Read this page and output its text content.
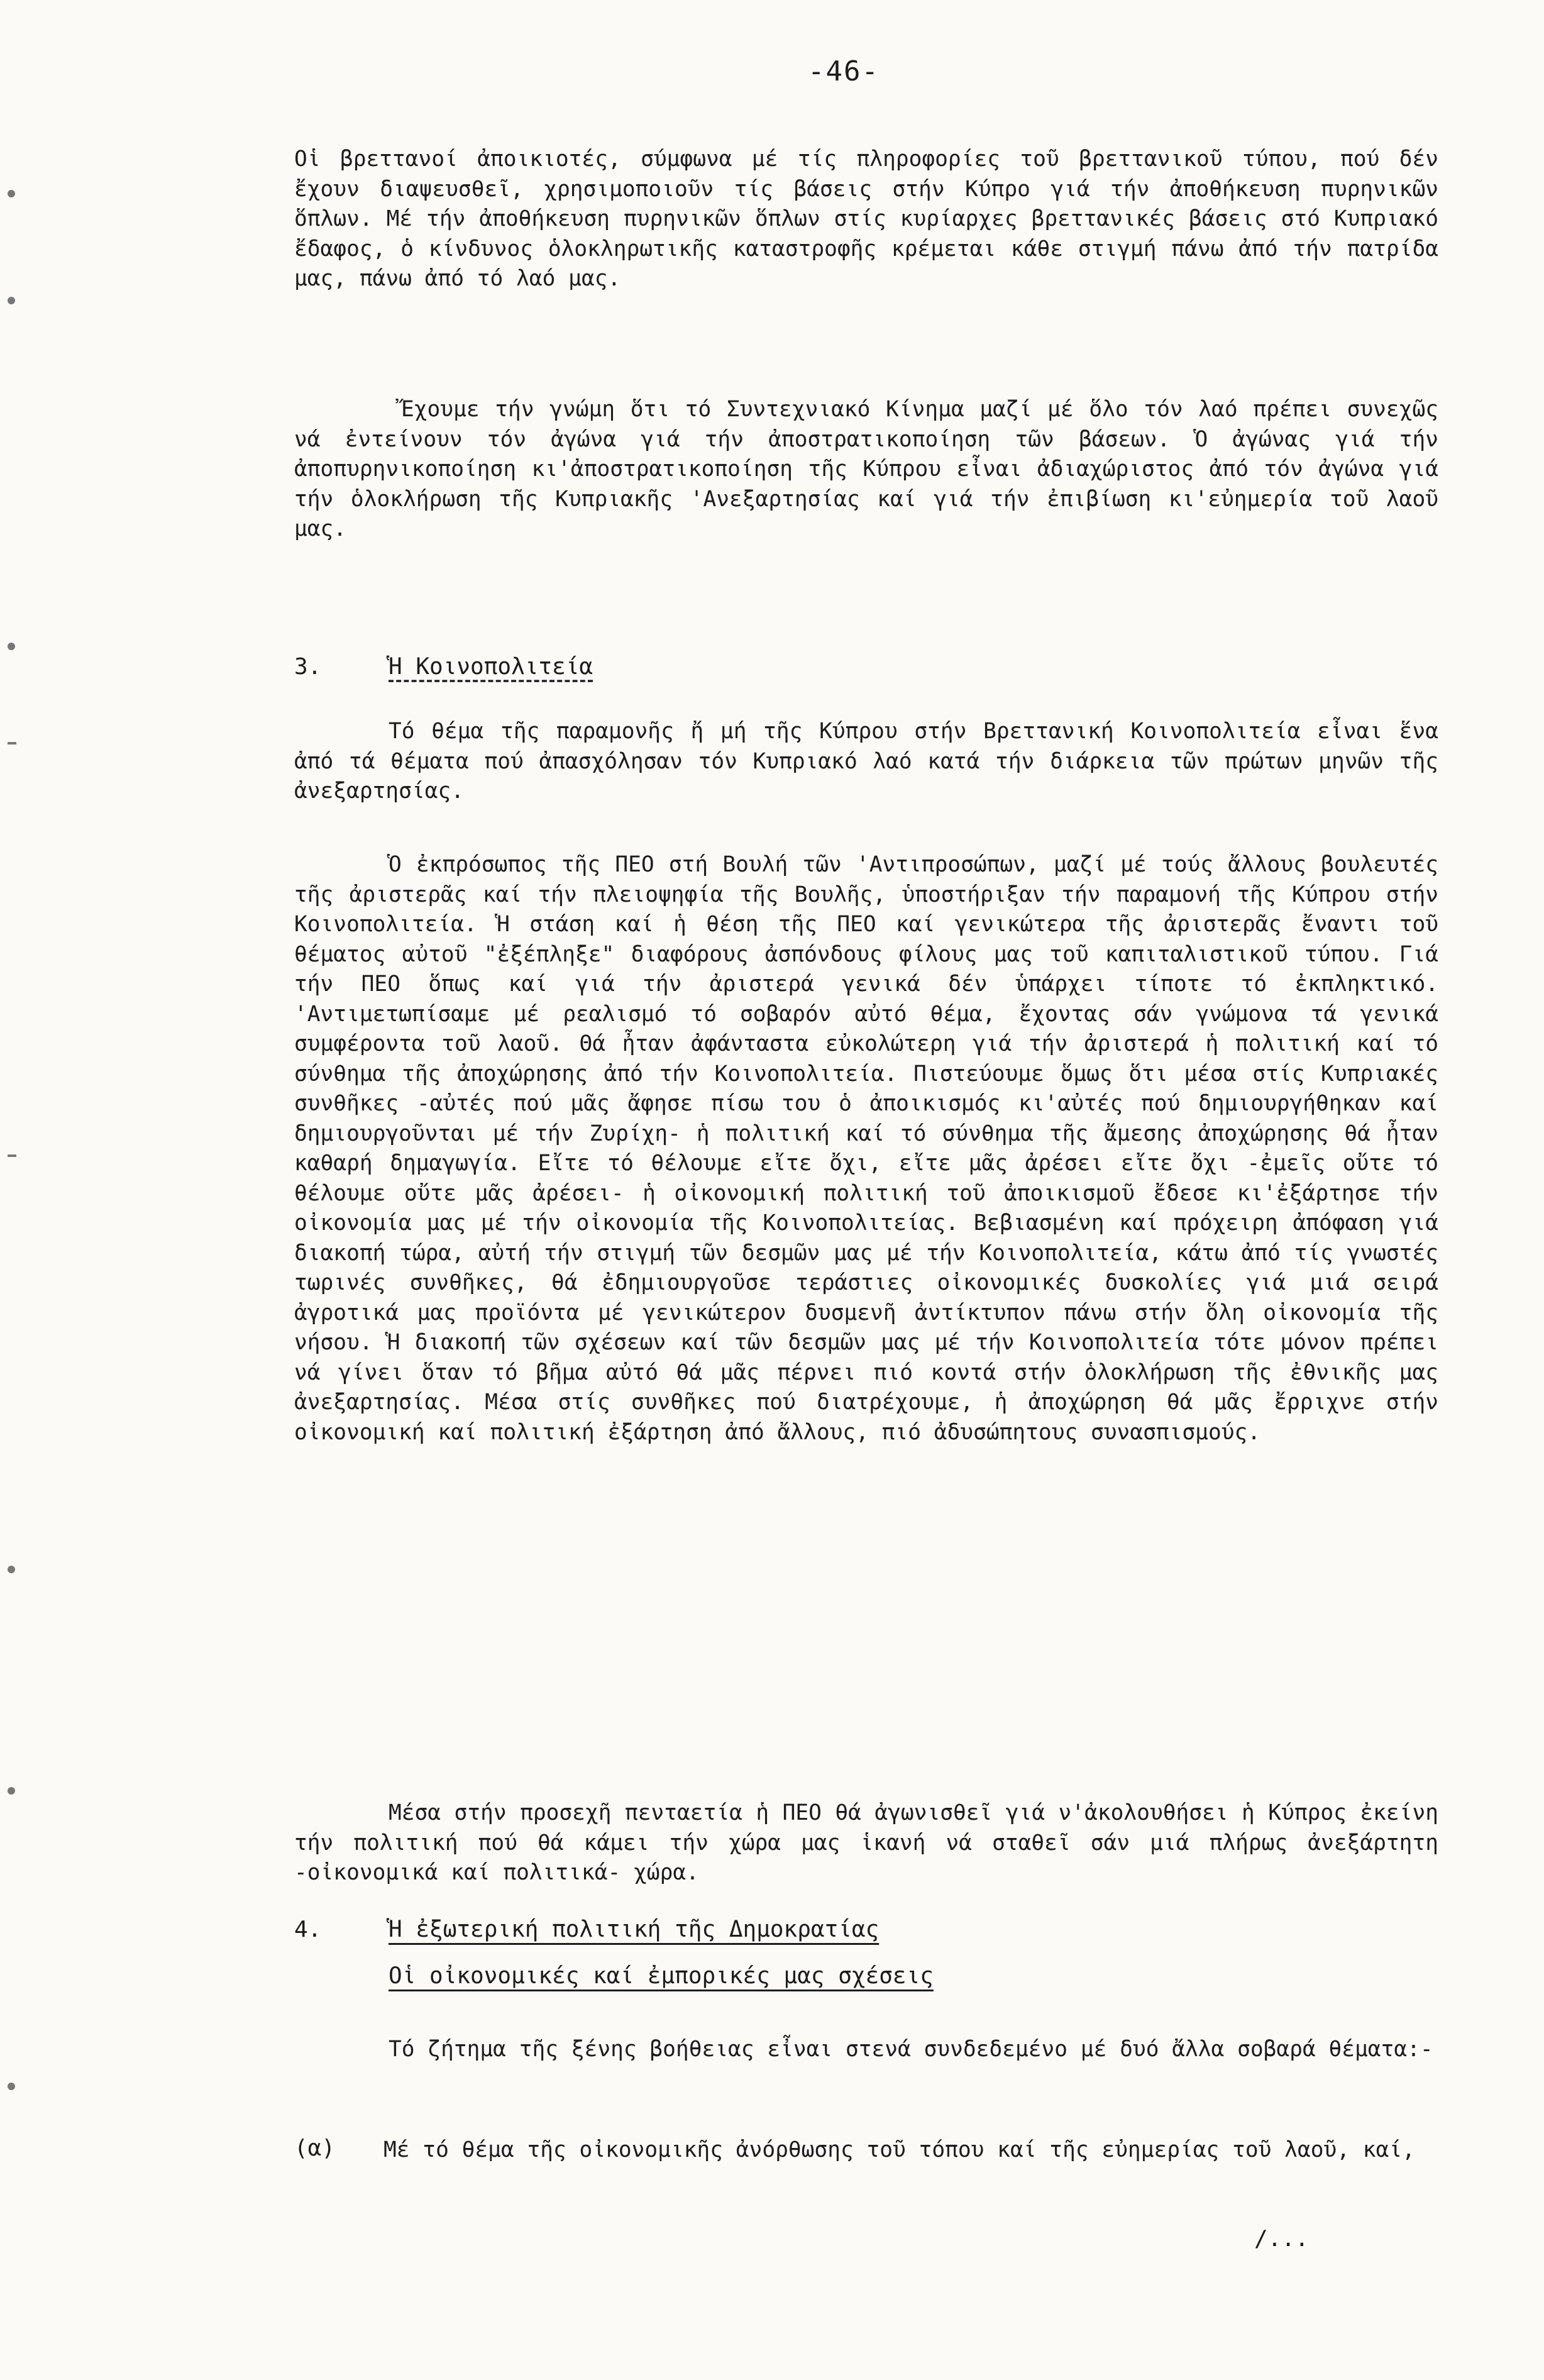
-46-

Οἱ βρεττανοί ἀποικιοτές, σύμφωνα μέ τίς πληροφορίες τοῦ βρεττανικοῦ τύπου, πού δέν ἔχουν διαψευσθεῖ, χρησιμοποιοῦν τίς βάσεις στήν Κύπρο γιά τήν ἀποθήκευση πυρηνικῶν ὅπλων. Μέ τήν ἀποθήκευση πυρηνικῶν ὅπλων στίς κυρίαρχες βρεττανικές βάσεις στό Κυπριακό ἔδαφος, ὁ κίνδυνος ὁλοκληρωτικῆς καταστροφῆς κρέμεται κάθε στιγμή πάνω ἀπό τήν πατρίδα μας, πάνω ἀπό τό λαό μας.

Ἔχουμε τήν γνώμη ὅτι τό Συντεχνιακό Κίνημα μαζί μέ ὅλο τόν λαό πρέπει συνεχῶς νά ἐντείνουν τόν ἀγώνα γιά τήν ἀποστρατικοποίηση τῶν βάσεων. Ὁ ἀγώνας γιά τήν ἀποπυρηνικοποίηση κι'ἀποστρατικοποίηση τῆς Κύπρου εἶναι ἀδιαχώριστος ἀπό τόν ἀγώνα γιά τήν ὁλοκλήρωση τῆς Κυπριακῆς 'Ανεξαρτησίας καί γιά τήν ἐπιβίωση κι'εὐημερία τοῦ λαοῦ μας.

3.	Ἡ Κοινοπολιτεία

Τό θέμα τῆς παραμονῆς ἤ μή τῆς Κύπρου στήν Βρεττανική Κοινοπολιτεία εἶναι ἕνα ἀπό τά θέματα πού ἀπασχόλησαν τόν Κυπριακό λαό κατά τήν διάρκεια τῶν πρώτων μηνῶν τῆς ἀνεξαρτησίας.

Ὁ ἐκπρόσωπος τῆς ΠΕΟ στή Βουλή τῶν 'Αντιπροσώπων, μαζί μέ τούς ἄλλους βουλευτές τῆς ἀριστερᾶς καί τήν πλειοψηφία τῆς Βουλῆς, ὑποστήριξαν τήν παραμονή τῆς Κύπρου στήν Κοινοπολιτεία. Ἡ στάση καί ἡ θέση τῆς ΠΕΟ καί γενικώτερα τῆς ἀριστερᾶς ἔναντι τοῦ θέματος αὐτοῦ "ἐξέπληξε" διαφόρους ἀσπόνδους φίλους μας τοῦ καπιταλιστικοῦ τύπου. Γιά τήν ΠΕΟ ὅπως καί γιά τήν ἀριστερά γενικά δέν ὑπάρχει τίποτε τό ἐκπληκτικό. 'Αντιμετωπίσαμε μέ ρεαλισμό τό σοβαρόν αὐτό θέμα, ἔχοντας σάν γνώμονα τά γενικά συμφέροντα τοῦ λαοῦ. Θά ἦταν ἀφάνταστα εὐκολώτερη γιά τήν ἀριστερά ἡ πολιτική καί τό σύνθημα τῆς ἀποχώρησης ἀπό τήν Κοινοπολιτεία. Πιστεύουμε ὅμως ὅτι μέσα στίς Κυπριακές συνθῆκες -αὐτές πού μᾶς ἄφησε πίσω του ὁ ἀποικισμός κι'αὐτές πού δημιουργήθηκαν καί δημιουργοῦνται μέ τήν Ζυρίχη- ἡ πολιτική καί τό σύνθημα τῆς ἄμεσης ἀποχώρησης θά ἦταν καθαρή δημαγωγία. Εἴτε τό θέλουμε εἴτε ὄχι, εἴτε μᾶς ἀρέσει εἴτε ὄχι -ἐμεῖς οὔτε τό θέλουμε οὔτε μᾶς ἀρέσει- ἡ οἰκονομική πολιτική τοῦ ἀποικισμοῦ ἔδεσε κι'ἐξάρτησε τήν οἰκονομία μας μέ τήν οἰκονομία τῆς Κοινοπολιτείας. Βεβιασμένη καί πρόχειρη ἀπόφαση γιά διακοπή τώρα, αὐτή τήν στιγμή τῶν δεσμῶν μας μέ τήν Κοινοπολιτεία, κάτω ἀπό τίς γνωστές τωρινές συνθῆκες, θά ἐδημιουργοῦσε τεράστιες οἰκονομικές δυσκολίες γιά μιά σειρά ἀγροτικά μας προϊόντα μέ γενικώτερον δυσμενῆ ἀντίκτυπον πάνω στήν ὅλη οἰκονομία τῆς νήσου. Ἡ διακοπή τῶν σχέσεων καί τῶν δεσμῶν μας μέ τήν Κοινοπολιτεία τότε μόνον πρέπει νά γίνει ὅταν τό βῆμα αὐτό θά μᾶς πέρνει πιό κοντά στήν ὁλοκλήρωση τῆς ἐθνικῆς μας ἀνεξαρτησίας. Μέσα στίς συνθῆκες πού διατρέχουμε, ἡ ἀποχώρηση θά μᾶς ἔρριχνε στήν οἰκονομική καί πολιτική ἐξάρτηση ἀπό ἄλλους, πιό ἀδυσώπητους συνασπισμούς.

Μέσα στήν προσεχῆ πενταετία ἡ ΠΕΟ θά ἀγωνισθεῖ γιά ν'ἀκολουθήσει ἡ Κύπρος ἐκείνη τήν πολιτική πού θά κάμει τήν χώρα μας ἱκανή νά σταθεῖ σάν μιά πλήρως ἀνεξάρτητη -οἰκονομικά καί πολιτικά- χώρα.

4.	Ἡ ἐξωτερική πολιτική τῆς Δημοκρατίας
Οἱ οἰκονομικές καί ἐμπορικές μας σχέσεις

Τό ζήτημα τῆς ξένης βοήθειας εἶναι στενά συνδεδεμένο μέ δυό ἄλλα σοβαρά θέματα:-

(α) Μέ τό θέμα τῆς οἰκονομικῆς ἀνόρθωσης τοῦ τόπου καί τῆς εὐημερίας τοῦ λαοῦ, καί,

/...
